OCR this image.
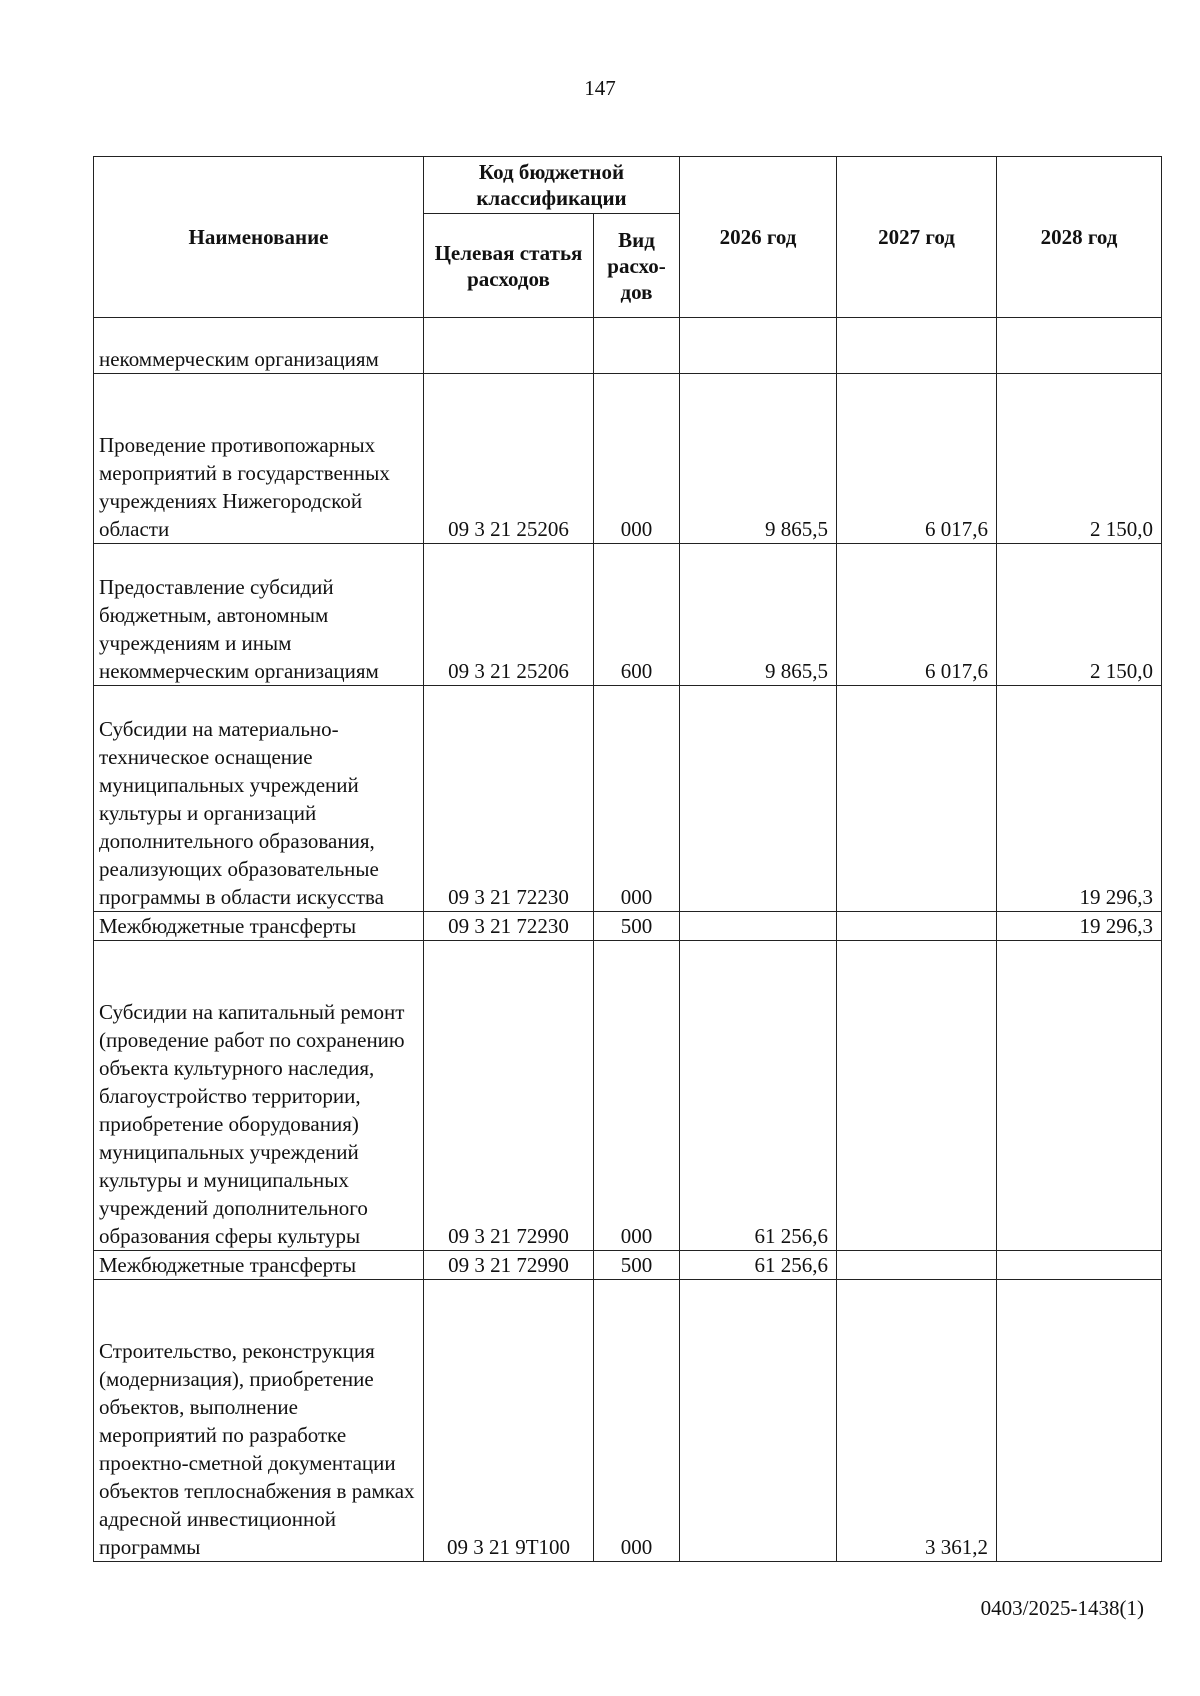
147
Наименование	Код бюджетной классификации		2026 год	2027 год	2028 год
	Целевая статья расходов	Вид расхо-дов			
некоммерческим организациям					
Проведение противопожарных мероприятий в государственных учреждениях Нижегородской области	09 3 21 25206	000	9 865,5	6 017,6	2 150,0
Предоставление субсидий бюджетным, автономным учреждениям и иным некоммерческим организациям	09 3 21 25206	600	9 865,5	6 017,6	2 150,0
Субсидии на материально-техническое оснащение муниципальных учреждений культуры и организаций дополнительного образования, реализующих образовательные программы в области искусства	09 3 21 72230	000			19 296,3
Межбюджетные трансферты	09 3 21 72230	500			19 296,3
Субсидии на капитальный ремонт (проведение работ по сохранению объекта культурного наследия, благоустройство территории, приобретение оборудования) муниципальных учреждений культуры и муниципальных учреждений дополнительного образования сферы культуры	09 3 21 72990	000	61 256,6		
Межбюджетные трансферты	09 3 21 72990	500	61 256,6		
Строительство, реконструкция (модернизация), приобретение объектов, выполнение мероприятий по разработке проектно-сметной документации объектов теплоснабжения в рамках адресной инвестиционной программы	09 3 21 9Т100	000		3 361,2	
0403/2025-1438(1)
